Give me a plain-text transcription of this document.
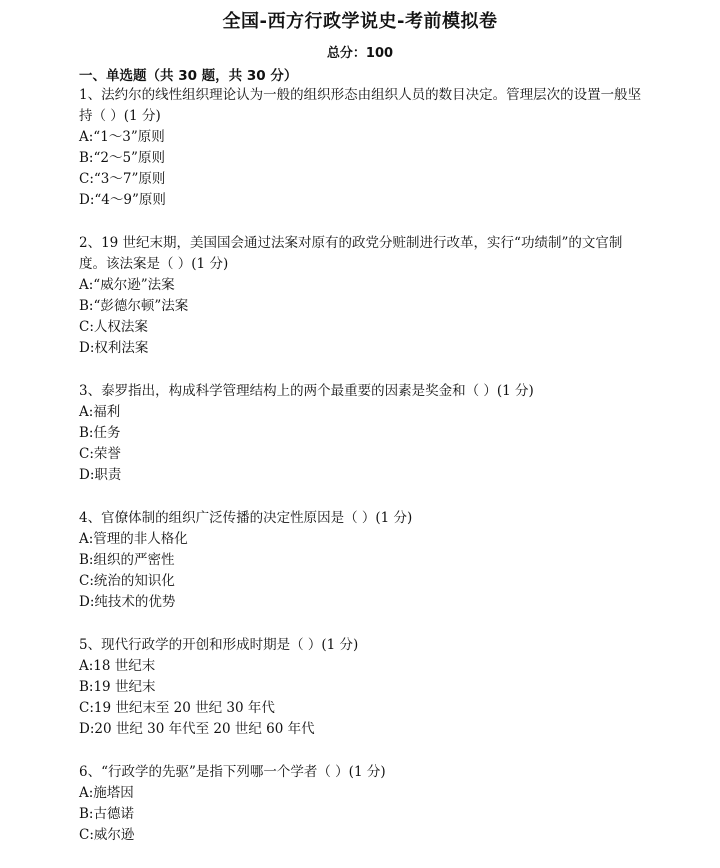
全国-西方行政学说史-考前模拟卷
总分：100
一、单选题（共 30 题，共 30 分）

1、法约尔的线性组织理论认为一般的组织形态由组织人员的数目决定。管理层次的设置一般坚持（ ）(1 分)

A:“1～3”原则

B:“2～5”原则

C:“3～7”原则

D:“4～9”原则

2、19 世纪末期，美国国会通过法案对原有的政党分赃制进行改革，实行“功绩制”的文官制度。该法案是（ ）(1 分)

A:“威尔逊”法案

B:“彭德尔顿”法案

C:人权法案

D:权利法案

3、泰罗指出，构成科学管理结构上的两个最重要的因素是奖金和（ ）(1 分)

A:福利

B:任务

C:荣誉

D:职责

4、官僚体制的组织广泛传播的决定性原因是（ ）(1 分)

A:管理的非人格化

B:组织的严密性

C:统治的知识化

D:纯技术的优势

5、现代行政学的开创和形成时期是（ ）(1 分)

A:18 世纪末

B:19 世纪末

C:19 世纪末至 20 世纪 30 年代

D:20 世纪 30 年代至 20 世纪 60 年代

6、“行政学的先驱”是指下列哪一个学者（ ）(1 分)

A:施塔因

B:古德诺

C:威尔逊
